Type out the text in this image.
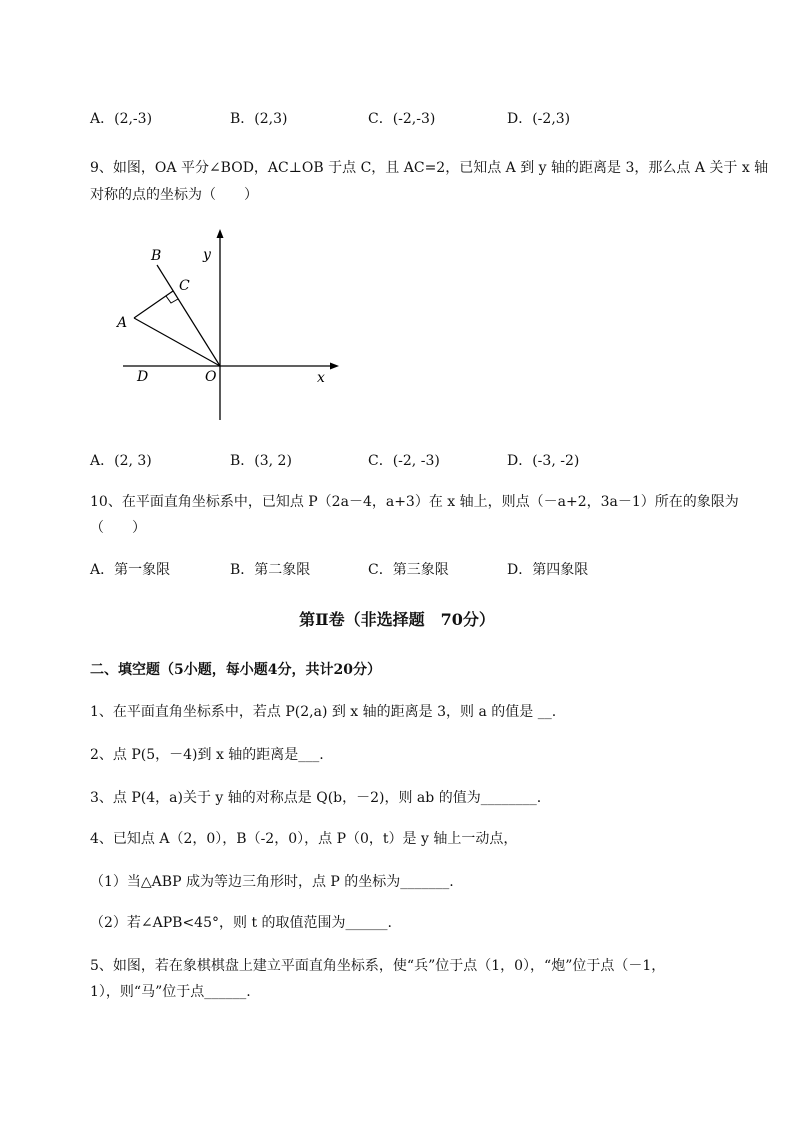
A．(2,-3)	B．(2,3)	C．(-2,-3)	D．(-2,3)
9、如图，OA 平分∠BOD，AC⊥OB 于点 C，且 AC=2，已知点 A 到 y 轴的距离是 3，那么点 A 关于 x 轴
对称的点的坐标为（　　）
B
C
A
D	O	x
y
A．(2, 3)	B．(3, 2)	C．(-2, -3)	D．(-3, -2)
10、在平面直角坐标系中，已知点 P（2a－4，a+3）在 x 轴上，则点（－a+2，3a－1）所在的象限为
（　　）
A．第一象限	B．第二象限	C．第三象限	D．第四象限
第Ⅱ卷（非选择题　70分）
二、填空题（5小题，每小题4分，共计20分）
1、在平面直角坐标系中，若点 P(2,a) 到 x 轴的距离是 3，则 a 的值是 __.
2、点 P(5，－4)到 x 轴的距离是___.
3、点 P(4，a)关于 y 轴的对称点是 Q(b，－2)，则 ab 的值为________.
4、已知点 A（2，0），B（-2，0），点 P（0，t）是 y 轴上一动点，
（1）当△ABP 成为等边三角形时，点 P 的坐标为_______.
（2）若∠APB<45°，则 t 的取值范围为______.
5、如图，若在象棋棋盘上建立平面直角坐标系，使“兵”位于点（1，0），“炮”位于点（－1，
1），则“马”位于点______.
